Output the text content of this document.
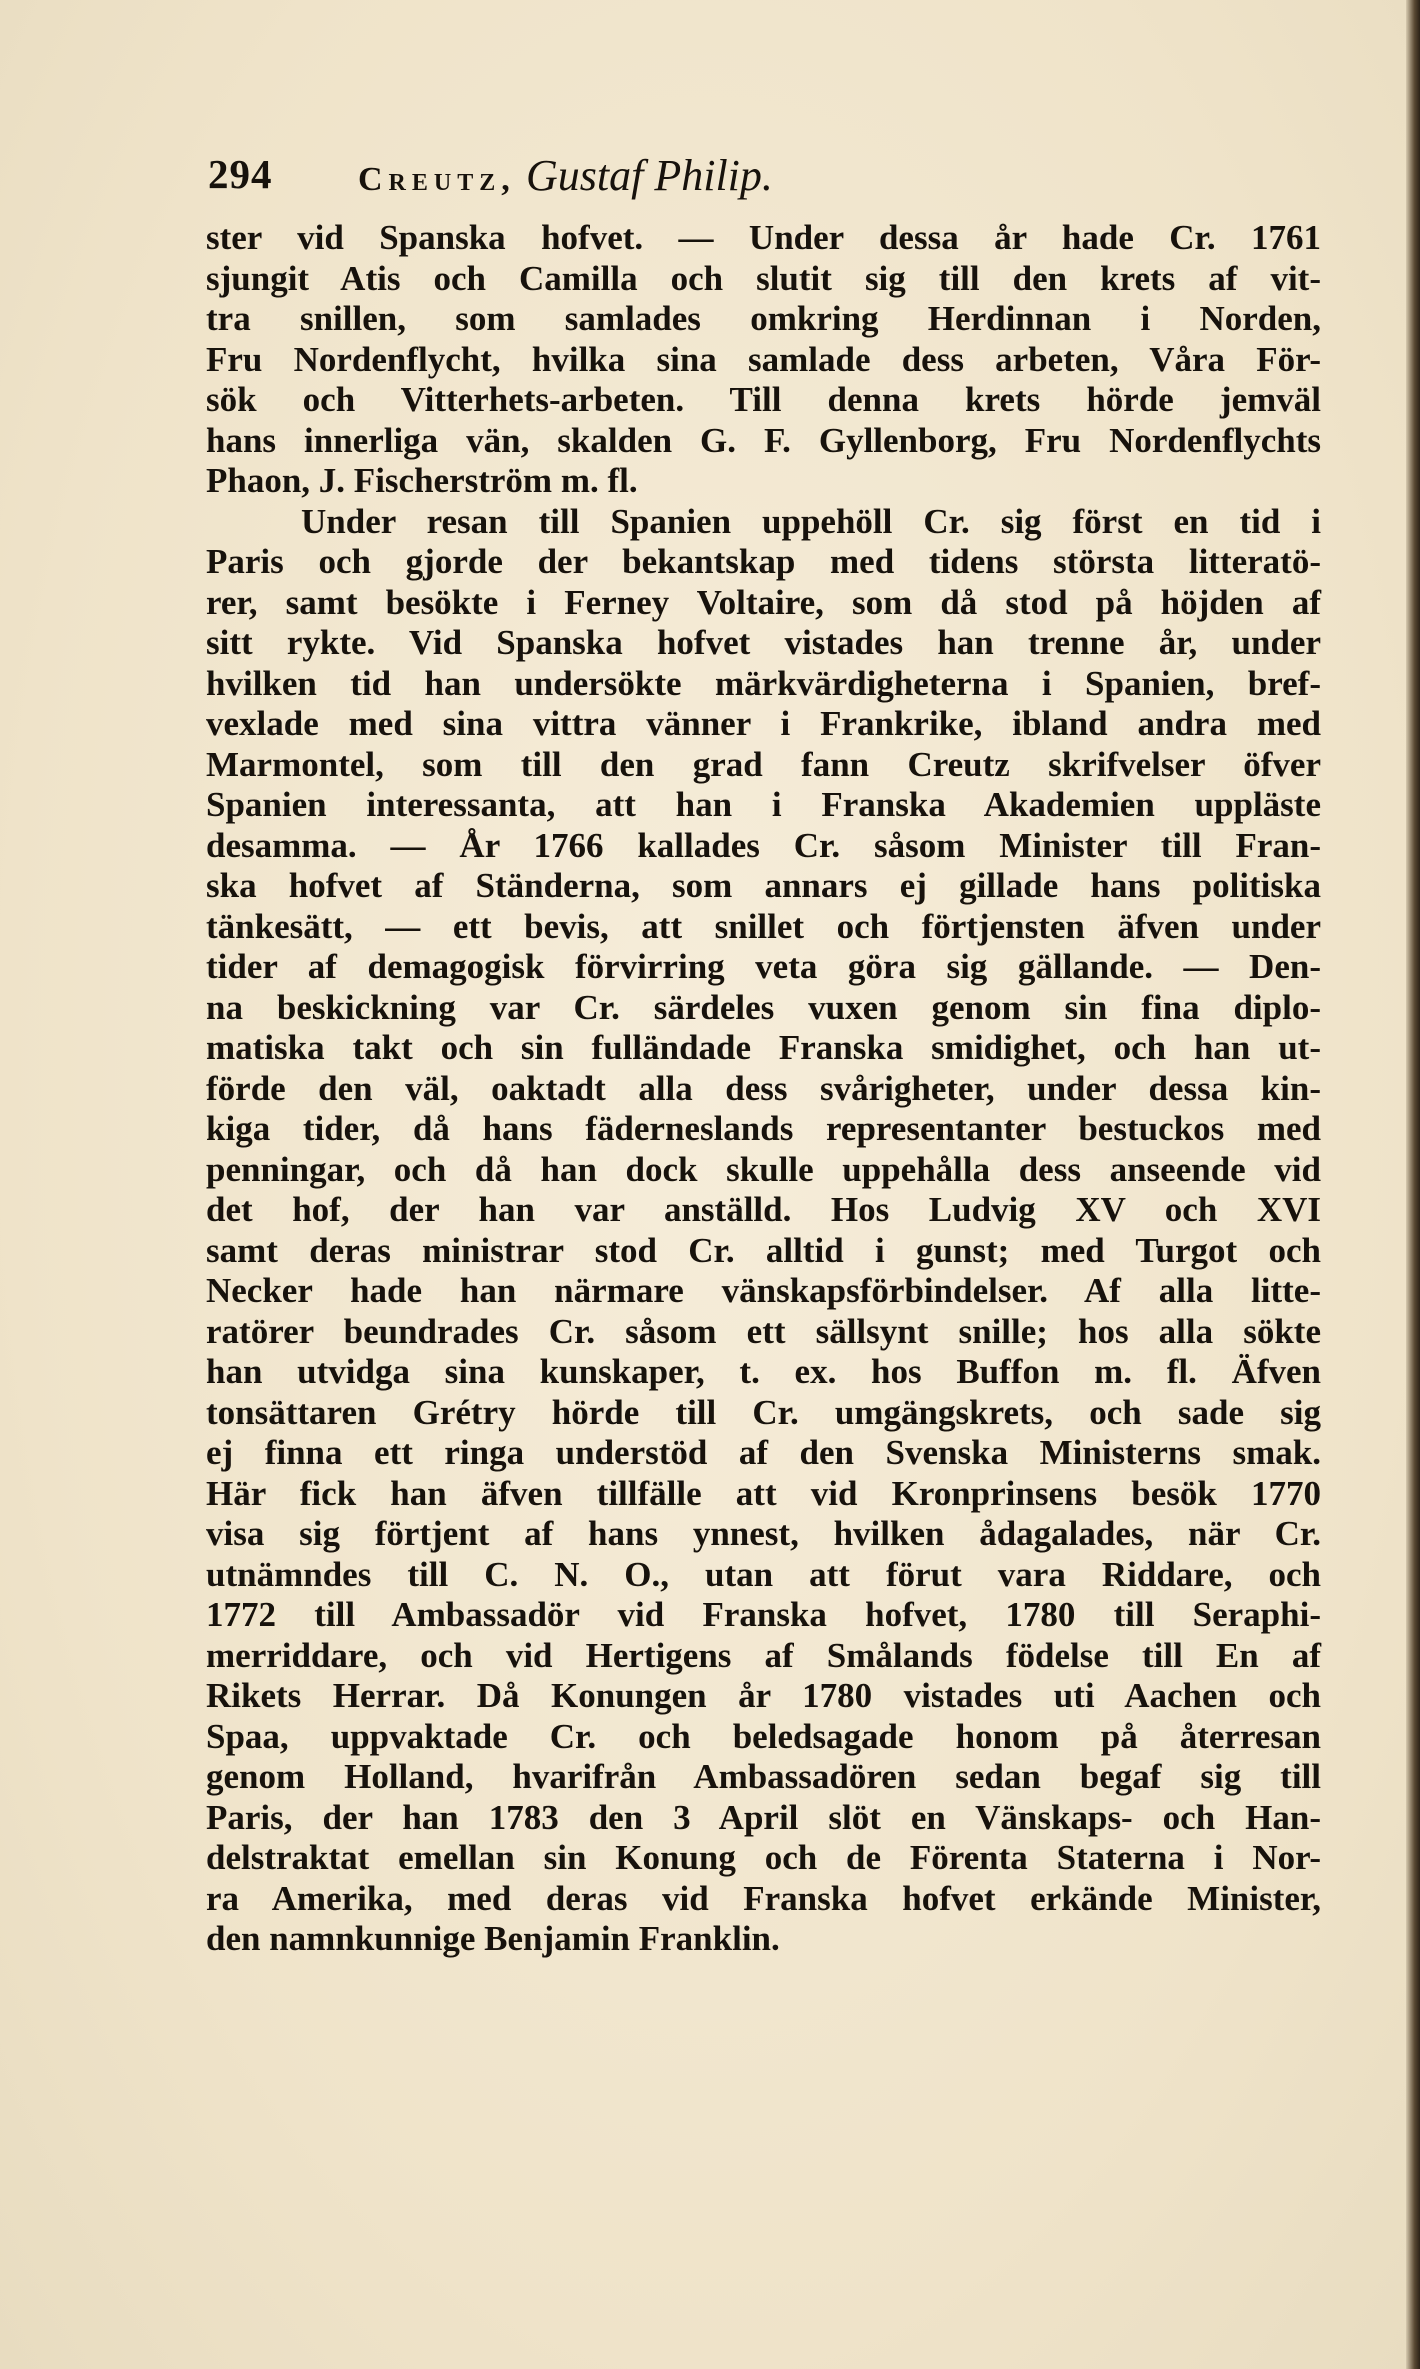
294	Creutz, Gustaf Philip.
ster vid Spanska hofvet. — Under dessa år hade Cr. 1761
sjungit Atis och Camilla och slutit sig till den krets af vit-
tra snillen, som samlades omkring Herdinnan i Norden,
Fru Nordenflycht, hvilka sina samlade dess arbeten, Våra För-
sök och Vitterhets-arbeten. Till denna krets hörde jemväl
hans innerliga vän, skalden G. F. Gyllenborg, Fru Nordenflychts
Phaon, J. Fischerström m. fl.
Under resan till Spanien uppehöll Cr. sig först en tid i
Paris och gjorde der bekantskap med tidens största litteratö-
rer, samt besökte i Ferney Voltaire, som då stod på höjden af
sitt rykte. Vid Spanska hofvet vistades han trenne år, under
hvilken tid han undersökte märkvärdigheterna i Spanien, bref-
vexlade med sina vittra vänner i Frankrike, ibland andra med
Marmontel, som till den grad fann Creutz skrifvelser öfver
Spanien interessanta, att han i Franska Akademien uppläste
desamma. — År 1766 kallades Cr. såsom Minister till Fran-
ska hofvet af Ständerna, som annars ej gillade hans politiska
tänkesätt, — ett bevis, att snillet och förtjensten äfven under
tider af demagogisk förvirring veta göra sig gällande. — Den-
na beskickning var Cr. särdeles vuxen genom sin fina diplo-
matiska takt och sin fulländade Franska smidighet, och han ut-
förde den väl, oaktadt alla dess svårigheter, under dessa kin-
kiga tider, då hans fäderneslands representanter bestuckos med
penningar, och då han dock skulle uppehålla dess anseende vid
det hof, der han var anställd. Hos Ludvig XV och XVI
samt deras ministrar stod Cr. alltid i gunst; med Turgot och
Necker hade han närmare vänskapsförbindelser. Af alla litte-
ratörer beundrades Cr. såsom ett sällsynt snille; hos alla sökte
han utvidga sina kunskaper, t. ex. hos Buffon m. fl. Äfven
tonsättaren Grétry hörde till Cr. umgängskrets, och sade sig
ej finna ett ringa understöd af den Svenska Ministerns smak.
Här fick han äfven tillfälle att vid Kronprinsens besök 1770
visa sig förtjent af hans ynnest, hvilken ådagalades, när Cr.
utnämndes till C. N. O., utan att förut vara Riddare, och
1772 till Ambassadör vid Franska hofvet, 1780 till Seraphi-
merriddare, och vid Hertigens af Smålands födelse till En af
Rikets Herrar. Då Konungen år 1780 vistades uti Aachen och
Spaa, uppvaktade Cr. och beledsagade honom på återresan
genom Holland, hvarifrån Ambassadören sedan begaf sig till
Paris, der han 1783 den 3 April slöt en Vänskaps- och Han-
delstraktat emellan sin Konung och de Förenta Staterna i Nor-
ra Amerika, med deras vid Franska hofvet erkände Minister,
den namnkunnige Benjamin Franklin.
